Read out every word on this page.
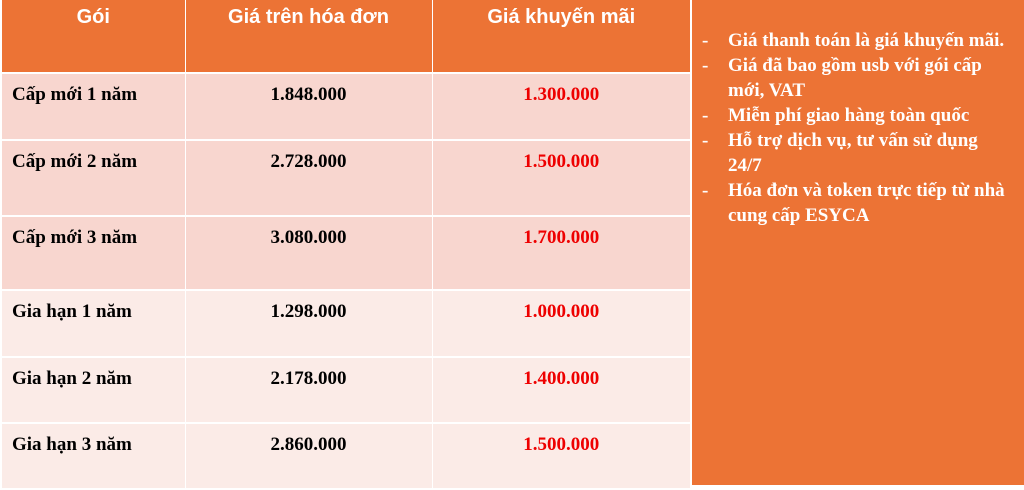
Gói	Giá trên hóa đơn	Giá khuyến mãi

Cấp mới 1 năm	1.848.000	1.300.000

Cấp mới 2 năm	2.728.000	1.500.000

Cấp mới 3 năm	3.080.000	1.700.000

Gia hạn 1 năm	1.298.000	1.000.000

Gia hạn 2 năm	2.178.000	1.400.000

Gia hạn 3 năm	2.860.000	1.500.000
- Giá thanh toán là giá khuyến mãi.
- Giá đã bao gồm usb với gói cấp mới, VAT
- Miễn phí giao hàng toàn quốc
- Hỗ trợ dịch vụ, tư vấn sử dụng 24/7
- Hóa đơn và token trực tiếp từ nhà cung cấp ESYCA
